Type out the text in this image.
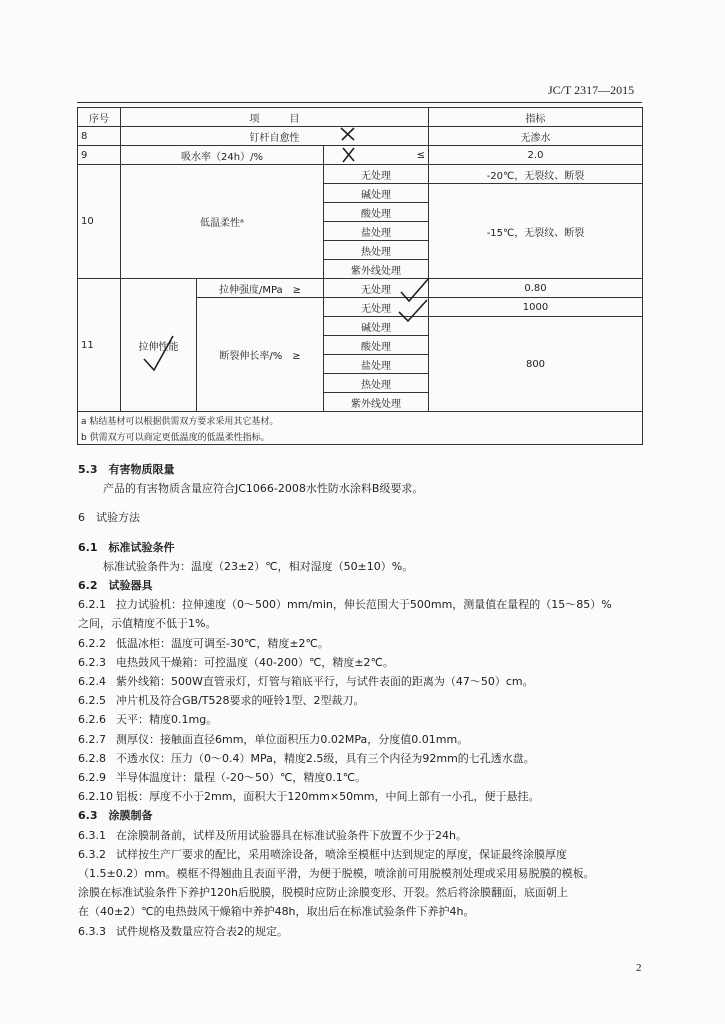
JC/T 2317—2015
序号	项　　　目			指标
8	钉杆自愈性			无渗水
9	吸水率（24h）/%		≤	2.0
10	低温柔性ᵃ		无处理	-20℃，无裂纹、断裂
			碱处理	-15℃，无裂纹、断裂
			酸处理	
			盐处理	
			热处理	
			紫外线处理	
11	拉伸性能	拉伸强度/MPa　≥	无处理	0.80
		断裂伸长率/%　≥	无处理	1000
			碱处理	800
			酸处理	
			盐处理	
			热处理	
			紫外线处理	
a 粘结基材可以根据供需双方要求采用其它基材。				
b 供需双方可以商定更低温度的低温柔性指标。				
5.3　有害物质限量
产品的有害物质含量应符合JC1066-2008水性防水涂料B级要求。
6　试验方法
6.1　标准试验条件
标准试验条件为：温度（23±2）℃，相对湿度（50±10）%。
6.2　试验器具
6.2.1 拉力试验机：拉伸速度（0～500）mm/min，伸长范围大于500mm，测量值在量程的（15～85）%
之间，示值精度不低于1%。
6.2.2 低温冰柜：温度可调至-30℃，精度±2℃。
6.2.3 电热鼓风干燥箱：可控温度（40-200）℃，精度±2℃。
6.2.4 紫外线箱：500W直管汞灯，灯管与箱底平行，与试件表面的距离为（47～50）cm。
6.2.5 冲片机及符合GB/T528要求的哑铃1型、2型裁刀。
6.2.6 天平：精度0.1mg。
6.2.7 测厚仪：接触面直径6mm，单位面积压力0.02MPa，分度值0.01mm。
6.2.8 不透水仪：压力（0～0.4）MPa，精度2.5级，具有三个内径为92mm的七孔透水盘。
6.2.9 半导体温度计：量程（-20～50）℃，精度0.1℃。
6.2.10 铝板：厚度不小于2mm，面积大于120mm×50mm，中间上部有一小孔，便于悬挂。
6.3　涂膜制备
6.3.1 在涂膜制备前，试样及所用试验器具在标准试验条件下放置不少于24h。
6.3.2 试样按生产厂要求的配比，采用喷涂设备，喷涂至模框中达到规定的厚度，保证最终涂膜厚度
（1.5±0.2）mm。模框不得翘曲且表面平滑，为便于脱模，喷涂前可用脱模剂处理或采用易脱膜的模板。
涂膜在标准试验条件下养护120h后脱膜，脱模时应防止涂膜变形、开裂。然后将涂膜翻面，底面朝上
在（40±2）℃的电热鼓风干燥箱中养护48h，取出后在标准试验条件下养护4h。
6.3.3 试件规格及数量应符合表2的规定。
2
